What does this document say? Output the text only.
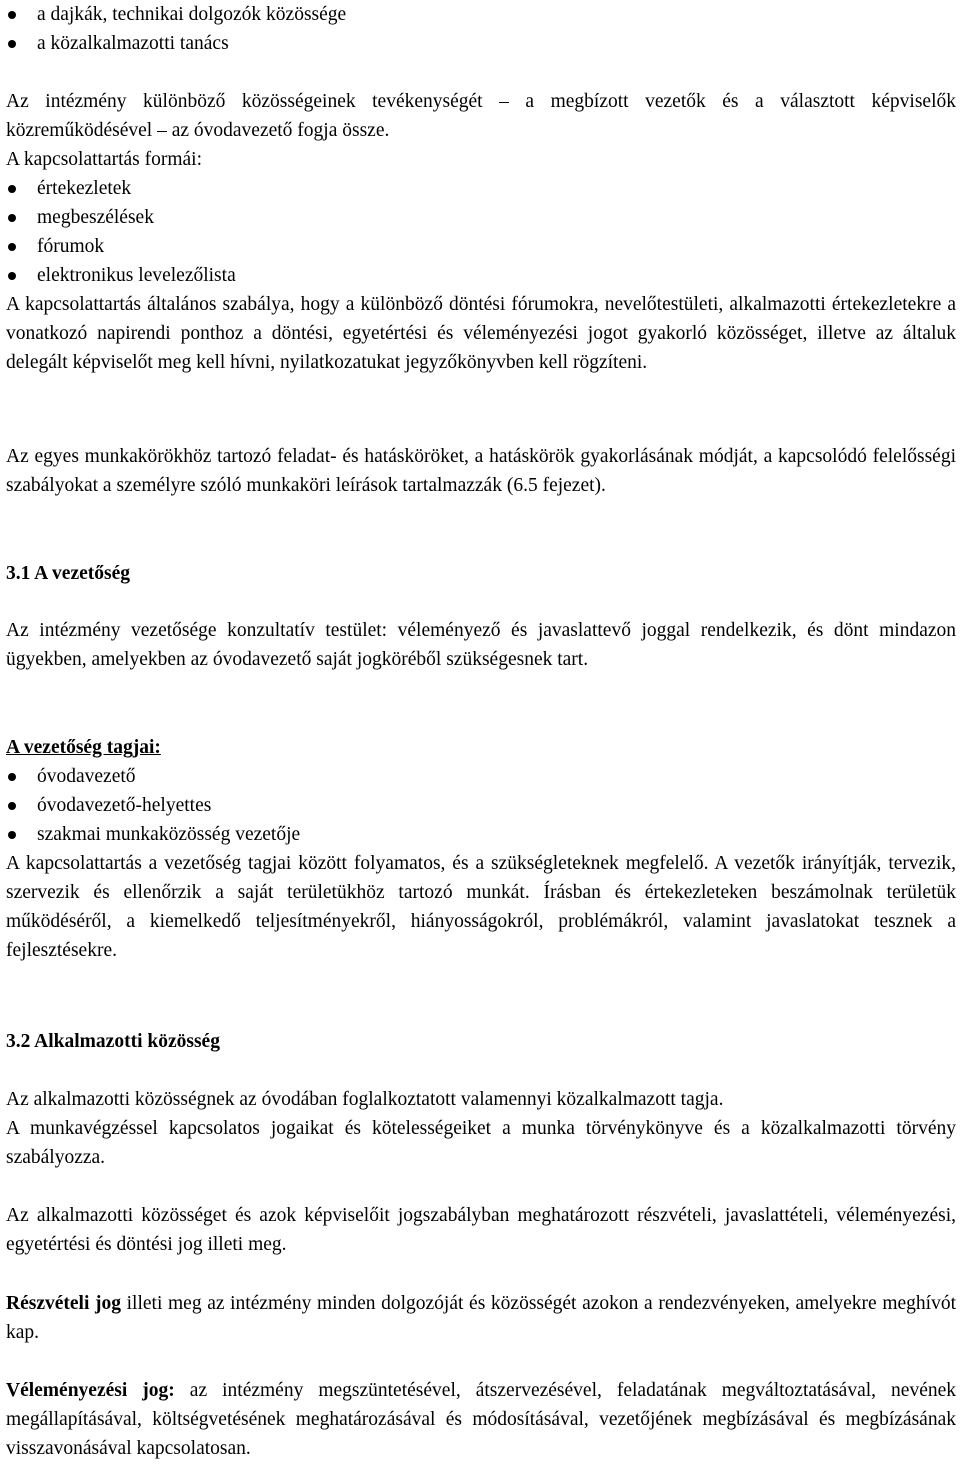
a dajkák, technikai dolgozók közössége
a közalkalmazotti tanács

Az intézmény különböző közösségeinek tevékenységét – a megbízott vezetők és a választott képviselők közreműködésével – az óvodavezető fogja össze.

A kapcsolattartás formái:

értekezletek
megbeszélések
fórumok
elektronikus levelezőlista

A kapcsolattartás általános szabálya, hogy a különböző döntési fórumokra, nevelőtestületi, alkalmazotti értekezletekre a vonatkozó napirendi ponthoz a döntési, egyetértési és véleményezési jogot gyakorló közösséget, illetve az általuk delegált képviselőt meg kell hívni, nyilatkozatukat jegyzőkönyvben kell rögzíteni.

Az egyes munkakörökhöz tartozó feladat- és hatásköröket, a hatáskörök gyakorlásának módját, a kapcsolódó felelősségi szabályokat a személyre szóló munkaköri leírások tartalmazzák (6.5 fejezet).

3.1 A vezetőség

Az intézmény vezetősége konzultatív testület: véleményező és javaslattevő joggal rendelkezik, és dönt mindazon ügyekben, amelyekben az óvodavezető saját jogköréből szükségesnek tart.

A vezetőség tagjai:

óvodavezető
óvodavezető-helyettes
szakmai munkaközösség vezetője

A kapcsolattartás a vezetőség tagjai között folyamatos, és a szükségleteknek megfelelő. A vezetők irányítják, tervezik, szervezik és ellenőrzik a saját területükhöz tartozó munkát. Írásban és értekezleteken beszámolnak területük működéséről, a kiemelkedő teljesítményekről, hiányosságokról, problémákról, valamint javaslatokat tesznek a fejlesztésekre.

3.2 Alkalmazotti közösség

Az alkalmazotti közösségnek az óvodában foglalkoztatott valamennyi közalkalmazott tagja.

A munkavégzéssel kapcsolatos jogaikat és kötelességeiket a munka törvénykönyve és a közalkalmazotti törvény szabályozza.

Az alkalmazotti közösséget és azok képviselőit jogszabályban meghatározott részvételi, javaslattételi, véleményezési, egyetértési és döntési jog illeti meg.

Részvételi jog illeti meg az intézmény minden dolgozóját és közösségét azokon a rendezvényeken, amelyekre meghívót kap.

Véleményezési jog: az intézmény megszüntetésével, átszervezésével, feladatának megváltoztatásával, nevének megállapításával, költségvetésének meghatározásával és módosításával, vezetőjének megbízásával és megbízásának visszavonásával kapcsolatosan.
